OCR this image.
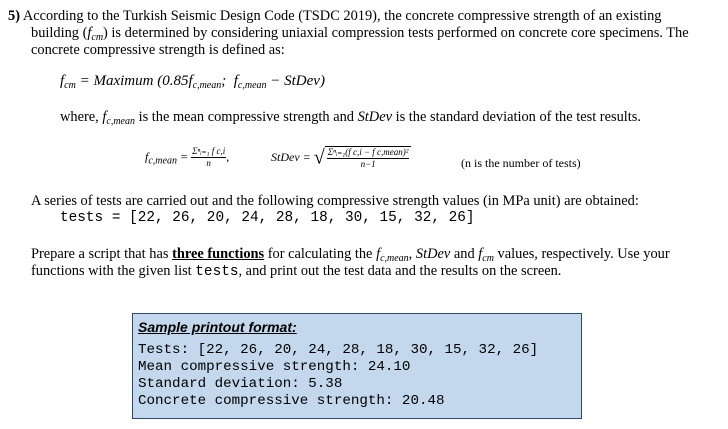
5) According to the Turkish Seismic Design Code (TSDC 2019), the concrete compressive strength of an existing
building $(f_{cm})$ is determined by considering uniaxial compression tests performed on concrete core specimens. The
concrete compressive strength is defined as:
$f_{cm}$ = Maximum ($0.85f_{c,mean}$; $f_{c,mean}$ − StDev)
where, $f_{c,mean}$ is the mean compressive strength and StDev is the standard deviation of the test results.
$f_{c,mean} = \frac{\text{Σⁿᵢ₌₁ f c,i}}{n}$ ,	StDev = √ $\frac{\text{Σⁿᵢ₌₁(f c,i − f c,mean)²}}{n-1}$	(n is the number of tests)
A series of tests are carried out and the following compressive strength values (in MPa unit) are obtained:
tests = [22, 26, 20, 24, 28, 18, 30, 15, 32, 26]
Prepare a script that has three functions for calculating the $f_{c,mean}$, StDev and $f_{cm}$ values, respectively. Use your
functions with the given list tests, and print out the test data and the results on the screen.
Sample printout format:
Tests: [22, 26, 20, 24, 28, 18, 30, 15, 32, 26]
Mean compressive strength: 24.10
Standard deviation: 5.38
Concrete compressive strength: 20.48
